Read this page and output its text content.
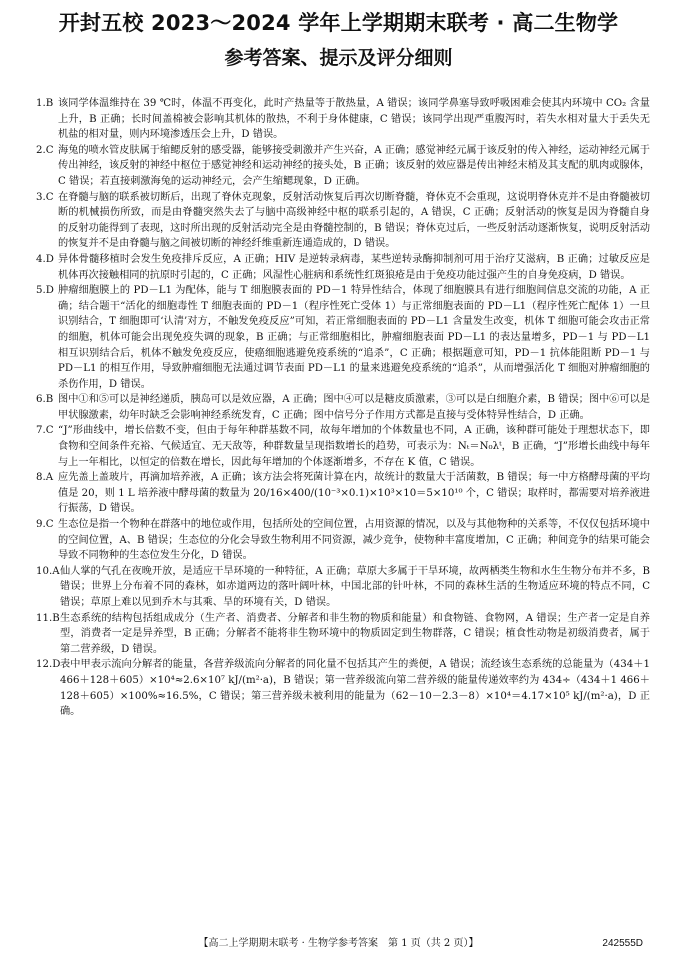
开封五校 2023～2024 学年上学期期末联考 · 高二生物学
参考答案、提示及评分细则
1.B 该同学体温维持在 39 ℃时，体温不再变化，此时产热量等于散热量，A 错误；该同学鼻塞导致呼吸困难会使其内环境中 CO₂ 含量上升，B 正确；长时间盖棉被会影响其机体的散热，不利于身体健康，C 错误；该同学出现严重腹泻时，若失水相对量大于丢失无机盐的相对量，则内环境渗透压会上升，D 错误。
2.C 海兔的喷水管皮肤属于缩鳃反射的感受器，能够接受刺激并产生兴奋，A 正确；感觉神经元属于该反射的传入神经，运动神经元属于传出神经，该反射的神经中枢位于感觉神经和运动神经的接头处，B 正确；该反射的效应器是传出神经末梢及其支配的肌肉或腺体，C 错误；若直接刺激海兔的运动神经元，会产生缩鳃现象，D 正确。
3.C 在脊髓与脑的联系被切断后，出现了脊休克现象，反射活动恢复后再次切断脊髓，脊休克不会重现，这说明脊休克并不是由脊髓被切断的机械损伤所致，而是由脊髓突然失去了与脑中高级神经中枢的联系引起的，A 错误，C 正确；反射活动的恢复是因为脊髓自身的反射功能得到了表现，这时所出现的反射活动完全是由脊髓控制的，B 错误；脊休克过后，一些反射活动逐渐恢复，说明反射活动的恢复并不是由脊髓与脑之间被切断的神经纤维重新连通造成的，D 错误。
4.D 异体骨髓移植时会发生免疫排斥反应，A 正确；HIV 是逆转录病毒，某些逆转录酶抑制剂可用于治疗艾滋病，B 正确；过敏反应是机体再次接触相同的抗原时引起的，C 正确；风湿性心脏病和系统性红斑狼疮是由于免疫功能过强产生的自身免疫病，D 错误。
5.D 肿瘤细胞膜上的 PD－L1 为配体，能与 T 细胞膜表面的 PD－1 特异性结合，体现了细胞膜具有进行细胞间信息交流的功能，A 正确；结合题干“活化的细胞毒性 T 细胞表面的 PD－1（程序性死亡受体 1）与正常细胞表面的 PD－L1（程序性死亡配体 1）一旦识别结合，T 细胞即可‘认清’对方，不触发免疫反应”可知，若正常细胞表面的 PD－L1 含量发生改变，机体 T 细胞可能会攻击正常的细胞，机体可能会出现免疫失调的现象，B 正确；与正常细胞相比，肿瘤细胞表面 PD－L1 的表达量增多，PD－1 与 PD－L1 相互识别结合后，机体不触发免疫反应，使癌细胞逃避免疫系统的“追杀”，C 正确；根据题意可知，PD－1 抗体能阻断 PD－1 与 PD－L1 的相互作用，导致肿瘤细胞无法通过调节表面 PD－L1 的量来逃避免疫系统的“追杀”，从而增强活化 T 细胞对肿瘤细胞的杀伤作用，D 错误。
6.B 图中①和⑤可以是神经递质，胰岛可以是效应器，A 正确；图中④可以是糖皮质激素，③可以是白细胞介素，B 错误；图中⑥可以是甲状腺激素，幼年时缺乏会影响神经系统发育，C 正确；图中信号分子作用方式都是直接与受体特异性结合，D 正确。
7.C “J”形曲线中，增长倍数不变，但由于每年种群基数不同，故每年增加的个体数量也不同，A 正确，该种群可能处于理想状态下，即食物和空间条件充裕、气候适宜、无天敌等，种群数量呈现指数增长的趋势，可表示为：Nₜ＝N₀λᵗ，B 正确，“J”形增长曲线中每年与上一年相比，以恒定的倍数在增长，因此每年增加的个体逐渐增多，不存在 K 值，C 错误。
8.A 应先盖上盖玻片，再滴加培养液，A 正确；该方法会将死菌计算在内，故统计的数量大于活菌数，B 错误；每一中方格酵母菌的平均值是 20，则 1 L 培养液中酵母菌的数量为 20/16×400/(10⁻³×0.1)×10³×10＝5×10¹⁰ 个，C 错误；取样时，都需要对培养液进行振荡，D 错误。
9.C 生态位是指一个物种在群落中的地位或作用，包括所处的空间位置，占用资源的情况，以及与其他物种的关系等，不仅仅包括环境中的空间位置，A、B 错误；生态位的分化会导致生物利用不同资源，减少竞争，使物种丰富度增加，C 正确；种间竞争的结果可能会导致不同物种的生态位发生分化，D 错误。
10.A 仙人掌的气孔在夜晚开放，是适应干旱环境的一种特征，A 正确；草原大多属于干旱环境，故两栖类生物和水生生物分布并不多，B 错误；世界上分布着不同的森林，如赤道两边的落叶阔叶林，中国北部的针叶林，不同的森林生活的生物适应环境的特点不同，C 错误；草原上难以见到乔木与其乘、旱的环境有关，D 错误。
11.B 生态系统的结构包括组成成分（生产者、消费者、分解者和非生物的物质和能量）和食物链、食物网，A 错误；生产者一定是自养型，消费者一定是异养型，B 正确；分解者不能将非生物环境中的物质固定到生物群落，C 错误；植食性动物是初级消费者，属于第二营养级，D 错误。
12.D 表中甲表示流向分解者的能量，各营养级流向分解者的同化量不包括其产生的粪便，A 错误；流经该生态系统的总能量为（434＋1 466＋128＋605）×10⁴≈2.6×10⁷ kJ/(m²·a)，B 错误；第一营养级流向第二营养级的能量传递效率约为 434÷（434＋1 466＋128＋605）×100%≈16.5%，C 错误；第三营养级未被利用的能量为（62－10－2.3－8）×10⁴＝4.17×10⁵ kJ/(m²·a)，D 正确。
【高二上学期期末联考 · 生物学参考答案　第 1 页（共 2 页）】	242555D
